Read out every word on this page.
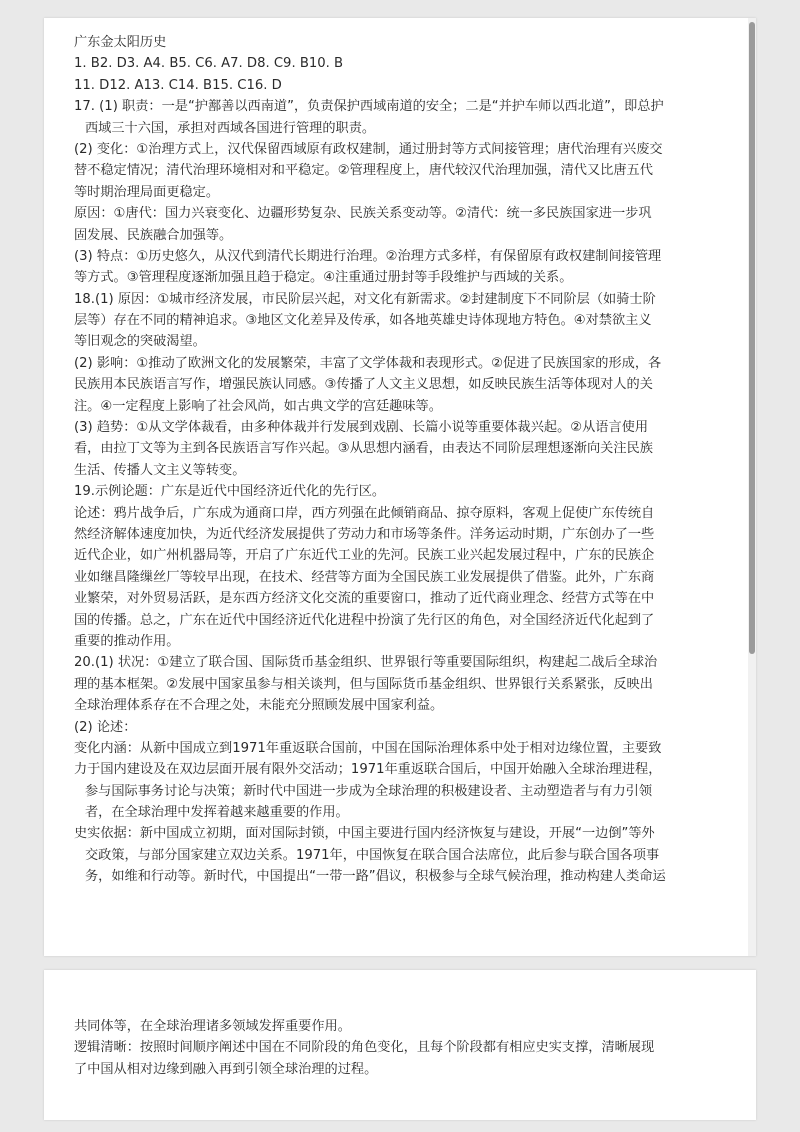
广东金太阳历史
1. B2. D3. A4. B5. C6. A7. D8. C9. B10. B
11. D12. A13. C14. B15. C16. D
17. (1) 职责：一是“护鄯善以西南道”，负责保护西域南道的安全；二是“并护车师以西北道”，即总护
西域三十六国，承担对西域各国进行管理的职责。
(2) 变化：①治理方式上，汉代保留西域原有政权建制，通过册封等方式间接管理；唐代治理有兴废交
替不稳定情况；清代治理环境相对和平稳定。②管理程度上，唐代较汉代治理加强，清代又比唐五代
等时期治理局面更稳定。
原因：①唐代：国力兴衰变化、边疆形势复杂、民族关系变动等。②清代：统一多民族国家进一步巩
固发展、民族融合加强等。
(3) 特点：①历史悠久，从汉代到清代长期进行治理。②治理方式多样，有保留原有政权建制间接管理
等方式。③管理程度逐渐加强且趋于稳定。④注重通过册封等手段维护与西域的关系。
18.(1) 原因：①城市经济发展，市民阶层兴起，对文化有新需求。②封建制度下不同阶层（如骑士阶
层等）存在不同的精神追求。③地区文化差异及传承，如各地英雄史诗体现地方特色。④对禁欲主义
等旧观念的突破渴望。
(2) 影响：①推动了欧洲文化的发展繁荣，丰富了文学体裁和表现形式。②促进了民族国家的形成，各
民族用本民族语言写作，增强民族认同感。③传播了人文主义思想，如反映民族生活等体现对人的关
注。④一定程度上影响了社会风尚，如古典文学的宫廷趣味等。
(3) 趋势：①从文学体裁看，由多种体裁并行发展到戏剧、长篇小说等重要体裁兴起。②从语言使用
看，由拉丁文等为主到各民族语言写作兴起。③从思想内涵看，由表达不同阶层理想逐渐向关注民族
生活、传播人文主义等转变。
19.示例论题：广东是近代中国经济近代化的先行区。
论述：鸦片战争后，广东成为通商口岸，西方列强在此倾销商品、掠夺原料，客观上促使广东传统自
然经济解体速度加快，为近代经济发展提供了劳动力和市场等条件。洋务运动时期，广东创办了一些
近代企业，如广州机器局等，开启了广东近代工业的先河。民族工业兴起发展过程中，广东的民族企
业如继昌隆缫丝厂等较早出现，在技术、经营等方面为全国民族工业发展提供了借鉴。此外，广东商
业繁荣，对外贸易活跃，是东西方经济文化交流的重要窗口，推动了近代商业理念、经营方式等在中
国的传播。总之，广东在近代中国经济近代化进程中扮演了先行区的角色，对全国经济近代化起到了
重要的推动作用。
20.(1) 状况：①建立了联合国、国际货币基金组织、世界银行等重要国际组织，构建起二战后全球治
理的基本框架。②发展中国家虽参与相关谈判，但与国际货币基金组织、世界银行关系紧张，反映出
全球治理体系存在不合理之处，未能充分照顾发展中国家利益。
(2) 论述：
变化内涵：从新中国成立到1971年重返联合国前，中国在国际治理体系中处于相对边缘位置，主要致
力于国内建设及在双边层面开展有限外交活动；1971年重返联合国后，中国开始融入全球治理进程，
参与国际事务讨论与决策；新时代中国进一步成为全球治理的积极建设者、主动塑造者与有力引领
者，在全球治理中发挥着越来越重要的作用。
史实依据：新中国成立初期，面对国际封锁，中国主要进行国内经济恢复与建设，开展“一边倒”等外
交政策，与部分国家建立双边关系。1971年，中国恢复在联合国合法席位，此后参与联合国各项事
务，如维和行动等。新时代，中国提出“一带一路”倡议，积极参与全球气候治理，推动构建人类命运
共同体等，在全球治理诸多领域发挥重要作用。
逻辑清晰：按照时间顺序阐述中国在不同阶段的角色变化，且每个阶段都有相应史实支撑，清晰展现
了中国从相对边缘到融入再到引领全球治理的过程。
